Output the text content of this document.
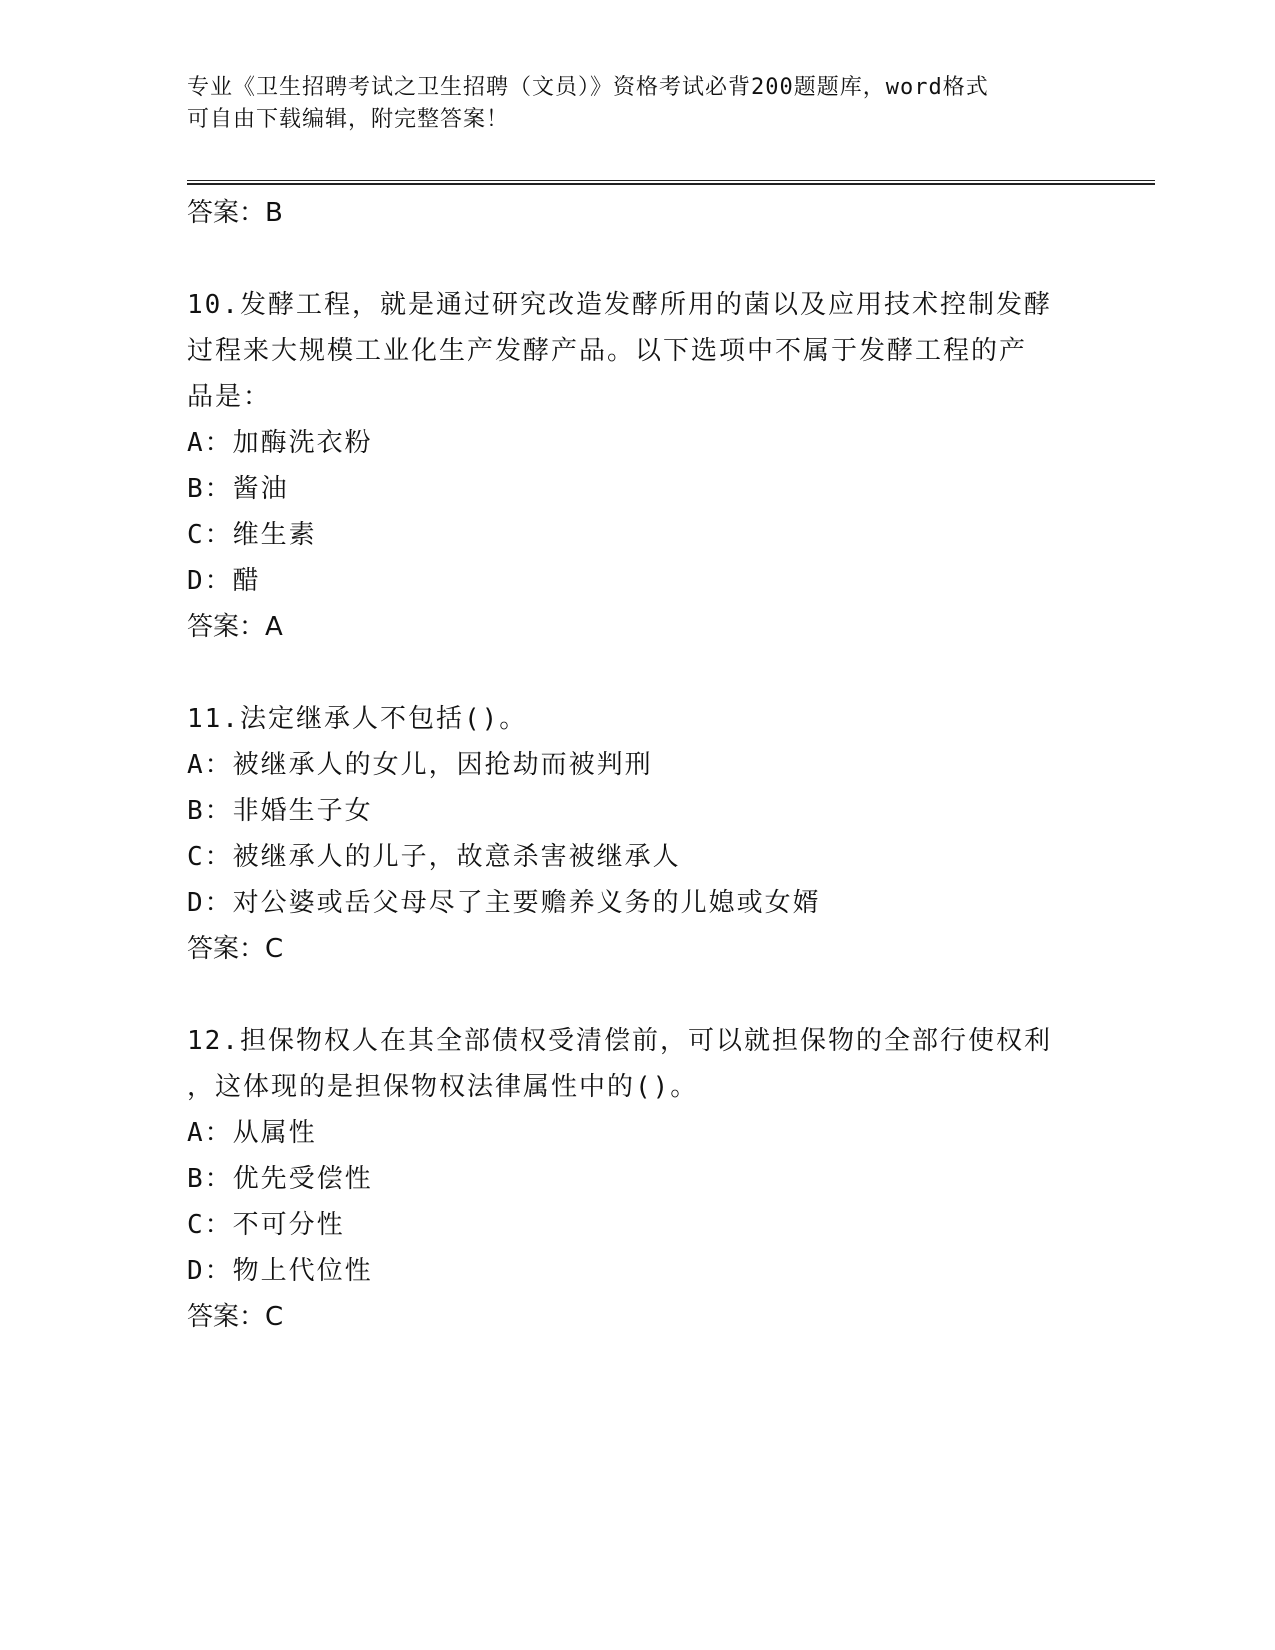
专业《卫生招聘考试之卫生招聘（文员）》资格考试必背200题题库，word格式
可自由下载编辑，附完整答案！
答案：B
10.发酵工程，就是通过研究改造发酵所用的菌以及应用技术控制发酵
过程来大规模工业化生产发酵产品。以下选项中不属于发酵工程的产
品是：
A：加酶洗衣粉
B：酱油
C：维生素
D：醋
答案：A
11.法定继承人不包括()。
A：被继承人的女儿，因抢劫而被判刑
B：非婚生子女
C：被继承人的儿子，故意杀害被继承人
D：对公婆或岳父母尽了主要赡养义务的儿媳或女婿
答案：C
12.担保物权人在其全部债权受清偿前，可以就担保物的全部行使权利
，这体现的是担保物权法律属性中的()。
A：从属性
B：优先受偿性
C：不可分性
D：物上代位性
答案：C
